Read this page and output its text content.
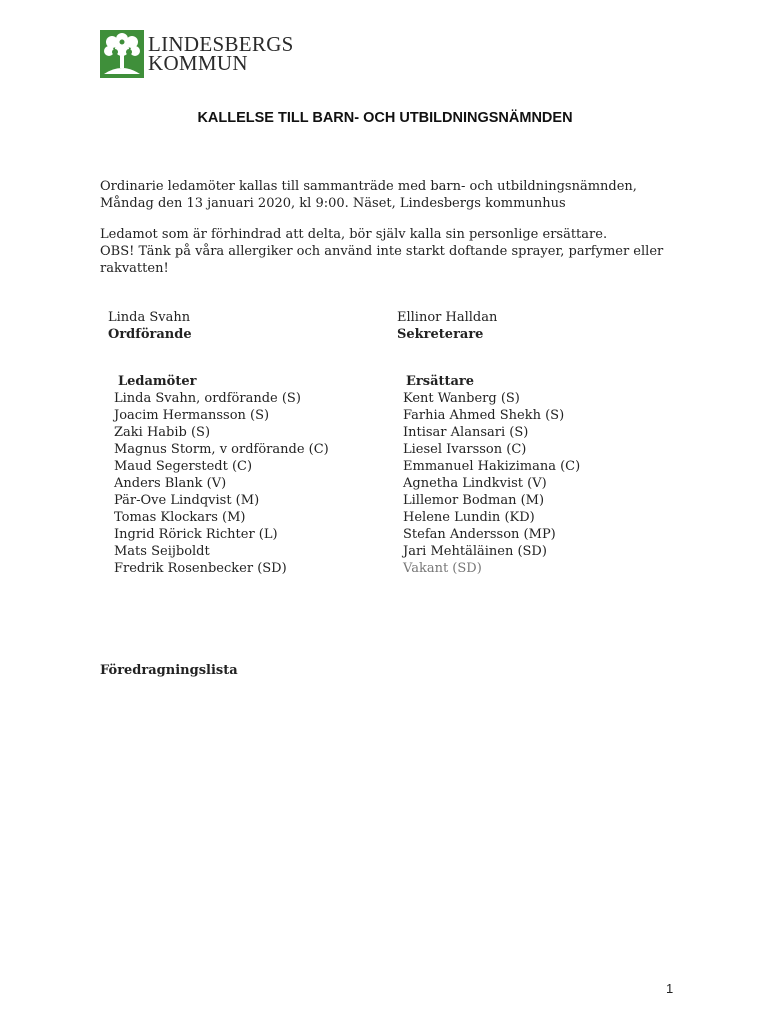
LINDESBERGS
KOMMUN
KALLELSE TILL BARN- OCH UTBILDNINGSNÄMNDEN
Ordinarie ledamöter kallas till sammanträde med barn- och utbildningsnämnden,
Måndag den 13 januari 2020, kl 9:00. Näset, Lindesbergs kommunhus
Ledamot som är förhindrad att delta, bör själv kalla sin personlige ersättare.
OBS! Tänk på våra allergiker och använd inte starkt doftande sprayer, parfymer eller
rakvatten!
Linda Svahn
Ordförande
Ellinor Halldan
Sekreterare
Ledamöter	Ersättare
Linda Svahn, ordförande (S)
Joacim Hermansson (S)
Zaki Habib (S)
Magnus Storm, v ordförande (C)
Maud Segerstedt (C)
Anders Blank (V)
Pär-Ove Lindqvist (M)
Tomas Klockars (M)
Ingrid Rörick Richter (L)
Mats Seijboldt
Fredrik Rosenbecker (SD)
Kent Wanberg (S)
Farhia Ahmed Shekh (S)
Intisar Alansari (S)
Liesel Ivarsson (C)
Emmanuel Hakizimana (C)
Agnetha Lindkvist (V)
Lillemor Bodman (M)
Helene Lundin (KD)
Stefan Andersson (MP)
Jari Mehtäläinen (SD)
Vakant (SD)
Föredragningslista
1
